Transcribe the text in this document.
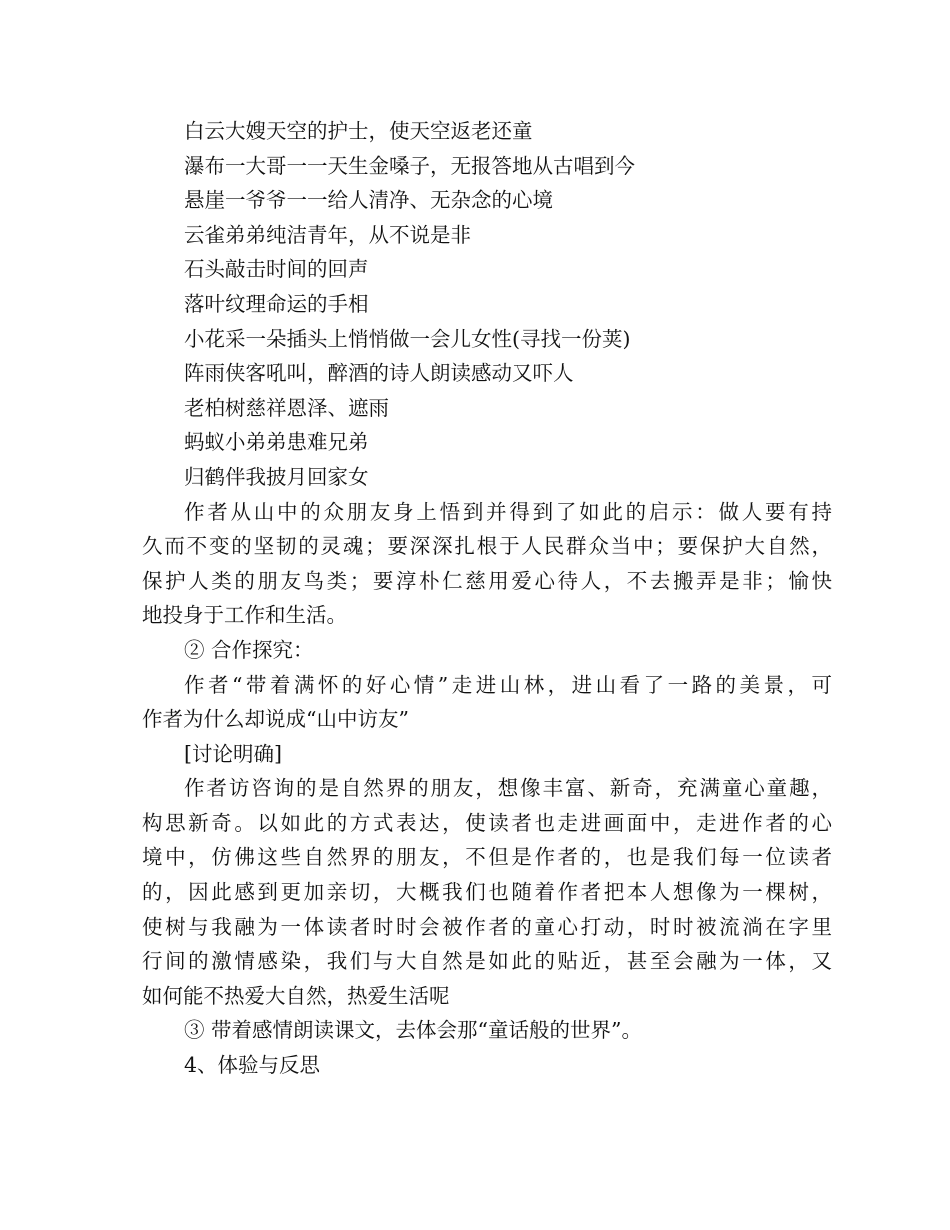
白云大嫂天空的护士，使天空返老还童
瀑布一大哥一一天生金嗓子，无报答地从古唱到今
悬崖一爷爷一一给人清净、无杂念的心境
云雀弟弟纯洁青年，从不说是非
石头敲击时间的回声
落叶纹理命运的手相
小花采一朵插头上悄悄做一会儿女性(寻找一份荚)
阵雨侠客吼叫，醉酒的诗人朗读感动又吓人
老柏树慈祥恩泽、遮雨
蚂蚁小弟弟患难兄弟
归鹤伴我披月回家女
作者从山中的众朋友身上悟到并得到了如此的启示：做人要有持
久而不变的坚韧的灵魂；要深深扎根于人民群众当中；要保护大自然，
保护人类的朋友鸟类；要淳朴仁慈用爱心待人，不去搬弄是非；愉快
地投身于工作和生活。
② 合作探究：
作者“带着满怀的好心情”走进山林，进山看了一路的美景，可
作者为什么却说成“山中访友”
[讨论明确]
作者访咨询的是自然界的朋友，想像丰富、新奇，充满童心童趣，
构思新奇。以如此的方式表达，使读者也走进画面中，走进作者的心
境中，仿佛这些自然界的朋友，不但是作者的，也是我们每一位读者
的，因此感到更加亲切，大概我们也随着作者把本人想像为一棵树，
使树与我融为一体读者时时会被作者的童心打动，时时被流淌在字里
行间的激情感染，我们与大自然是如此的贴近，甚至会融为一体，又
如何能不热爱大自然，热爱生活呢
③ 带着感情朗读课文，去体会那“童话般的世界”。
4、体验与反思
